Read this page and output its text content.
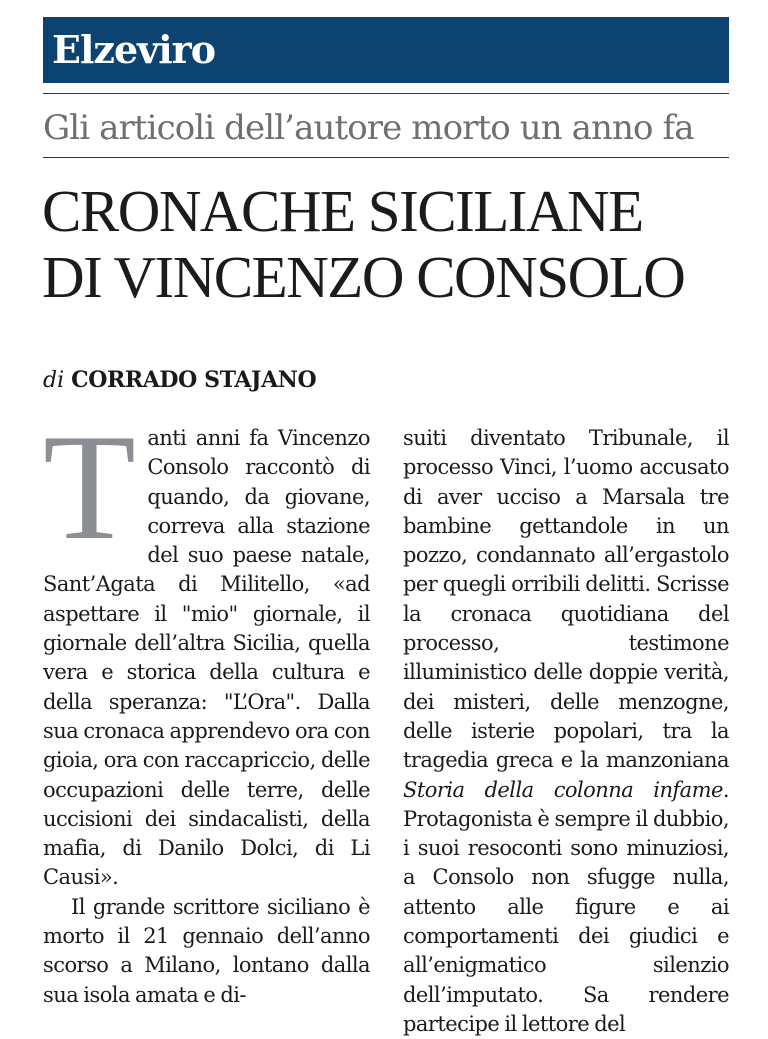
Elzeviro
Gli articoli dell’autore morto un anno fa
CRONACHE SICILIANE
DI VINCENZO CONSOLO
di CORRADO STAJANO

Tanti anni fa Vincenzo Consolo raccontò di quando, da giovane, correva alla stazione del suo paese natale, Sant’Agata di Militello, «ad aspettare il "mio" giornale, il giornale dell’altra Sicilia, quella vera e storica della cultura e della speranza: "L’Ora". Dalla sua cronaca apprendevo ora con gioia, ora con raccapriccio, delle occupazioni delle terre, delle uccisioni dei sindacalisti, della mafia, di Danilo Dolci, di Li Causi».

Il grande scrittore siciliano è morto il 21 gennaio dell’anno scorso a Milano, lontano dalla sua isola amata e di-

suiti diventato Tribunale, il processo Vinci, l’uomo accusato di aver ucciso a Marsala tre bambine gettandole in un pozzo, condannato all’ergastolo per quegli orribili delitti. Scrisse la cronaca quotidiana del processo, testimone illuministico delle doppie verità, dei misteri, delle menzogne, delle isterie popolari, tra la tragedia greca e la manzoniana Storia della colonna infame. Protagonista è sempre il dubbio, i suoi resoconti sono minuziosi, a Consolo non sfugge nulla, attento alle figure e ai comportamenti dei giudici e all’enigmatico silenzio dell’imputato. Sa rendere partecipe il lettore del
